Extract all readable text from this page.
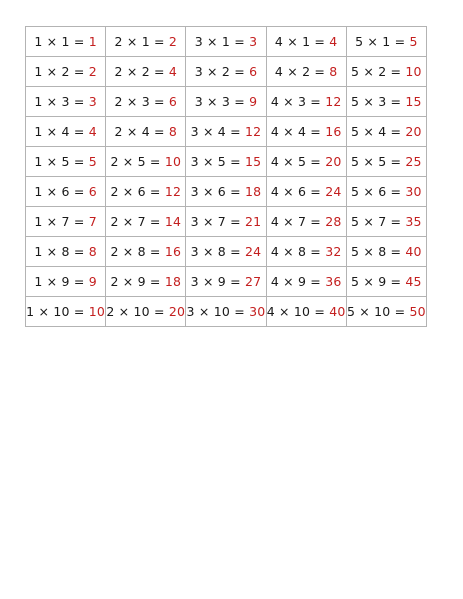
1 × 1 = 1	2 × 1 = 2	3 × 1 = 3	4 × 1 = 4	5 × 1 = 5
1 × 2 = 2	2 × 2 = 4	3 × 2 = 6	4 × 2 = 8	5 × 2 = 10
1 × 3 = 3	2 × 3 = 6	3 × 3 = 9	4 × 3 = 12	5 × 3 = 15
1 × 4 = 4	2 × 4 = 8	3 × 4 = 12	4 × 4 = 16	5 × 4 = 20
1 × 5 = 5	2 × 5 = 10	3 × 5 = 15	4 × 5 = 20	5 × 5 = 25
1 × 6 = 6	2 × 6 = 12	3 × 6 = 18	4 × 6 = 24	5 × 6 = 30
1 × 7 = 7	2 × 7 = 14	3 × 7 = 21	4 × 7 = 28	5 × 7 = 35
1 × 8 = 8	2 × 8 = 16	3 × 8 = 24	4 × 8 = 32	5 × 8 = 40
1 × 9 = 9	2 × 9 = 18	3 × 9 = 27	4 × 9 = 36	5 × 9 = 45
1 × 10 = 10	2 × 10 = 20	3 × 10 = 30	4 × 10 = 40	5 × 10 = 50
